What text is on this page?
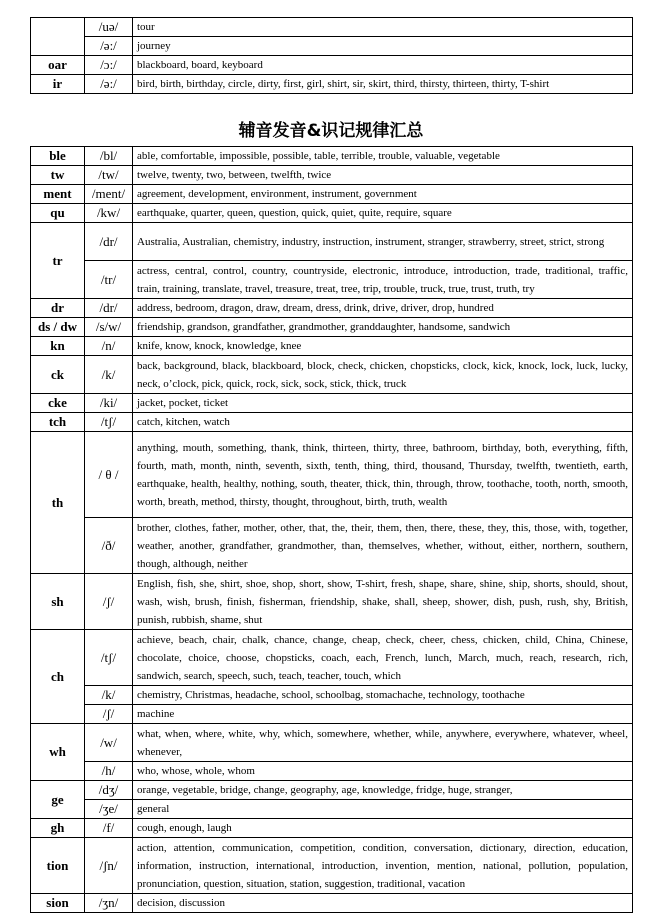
	/uə/	tour
	/ə:/	journey
oar	/ɔ:/	blackboard, board, keyboard
ir	/ə:/	bird, birth, birthday, circle, dirty, first, girl, shirt, sir, skirt, third, thirsty, thirteen, thirty, T-shirt
辅音发音&识记规律汇总
ble	/bl/	able, comfortable, impossible, possible, table, terrible, trouble, valuable, vegetable
tw	/tw/	twelve, twenty, two, between, twelfth, twice
ment	/ment/	agreement, development, environment, instrument, government
qu	/kw/	earthquake, quarter, queen, question, quick, quiet, quite, require, square
tr	/dr/	Australia, Australian, chemistry, industry, instruction, instrument, stranger, strawberry, street, strict, strong
	/tr/	actress, central, control, country, countryside, electronic, introduce, introduction, trade, traditional, traffic, train, training, translate, travel, treasure, treat, tree, trip, trouble, truck, true, trust, truth, try
dr	/dr/	address, bedroom, dragon, draw, dream, dress, drink, drive, driver, drop, hundred
ds / dw	/s/w/	friendship, grandson, grandfather, grandmother, granddaughter, handsome, sandwich
kn	/n/	knife, know, knock, knowledge, knee
ck	/k/	back, background, black, blackboard, block, check, chicken, chopsticks, clock, kick, knock, lock, luck, lucky, neck, o’clock, pick, quick, rock, sick, sock, stick, thick, truck
cke	/ki/	jacket, pocket, ticket
tch	/tʃ/	catch, kitchen, watch
th	/ θ /	anything, mouth, something, thank, think, thirteen, thirty, three, bathroom, birthday, both, everything, fifth, fourth, math, month, ninth, seventh, sixth, tenth, thing, third, thousand, Thursday, twelfth, twentieth, earth, earthquake, health, healthy, nothing, south, theater, thick, thin, through, throw, toothache, tooth, north, smooth, worth, breath, method, thirsty, thought, throughout, birth, truth, wealth
	/ð/	brother, clothes, father, mother, other, that, the, their, them, then, there, these, they, this, those, with, together, weather, another, grandfather, grandmother, than, themselves, whether, without, either, northern, southern, though, although, neither
sh	/ʃ/	English, fish, she, shirt, shoe, shop, short, show, T-shirt, fresh, shape, share, shine, ship, shorts, should, shout, wash, wish, brush, finish, fisherman, friendship, shake, shall, sheep, shower, dish, push, rush, shy, British, punish, rubbish, shame, shut
ch	/tʃ/	achieve, beach, chair, chalk, chance, change, cheap, check, cheer, chess, chicken, child, China, Chinese, chocolate, choice, choose, chopsticks, coach, each, French, lunch, March, much, reach, research, rich, sandwich, search, speech, such, teach, teacher, touch, which
	/k/	chemistry, Christmas, headache, school, schoolbag, stomachache, technology, toothache
	/ʃ/	machine
wh	/w/	what, when, where, white, why, which, somewhere, whether, while, anywhere, everywhere, whatever, wheel, whenever,
	/h/	who, whose, whole, whom
ge	/dʒ/	orange, vegetable, bridge, change, geography, age, knowledge, fridge, huge, stranger,
	/ʒe/	general
gh	/f/	cough, enough, laugh
tion	/ʃn/	action, attention, communication, competition, condition, conversation, dictionary, direction, education, information, instruction, international, introduction, invention, mention, national, pollution, population, pronunciation, question, situation, station, suggestion, traditional, vacation
sion	/ʒn/	decision, discussion
